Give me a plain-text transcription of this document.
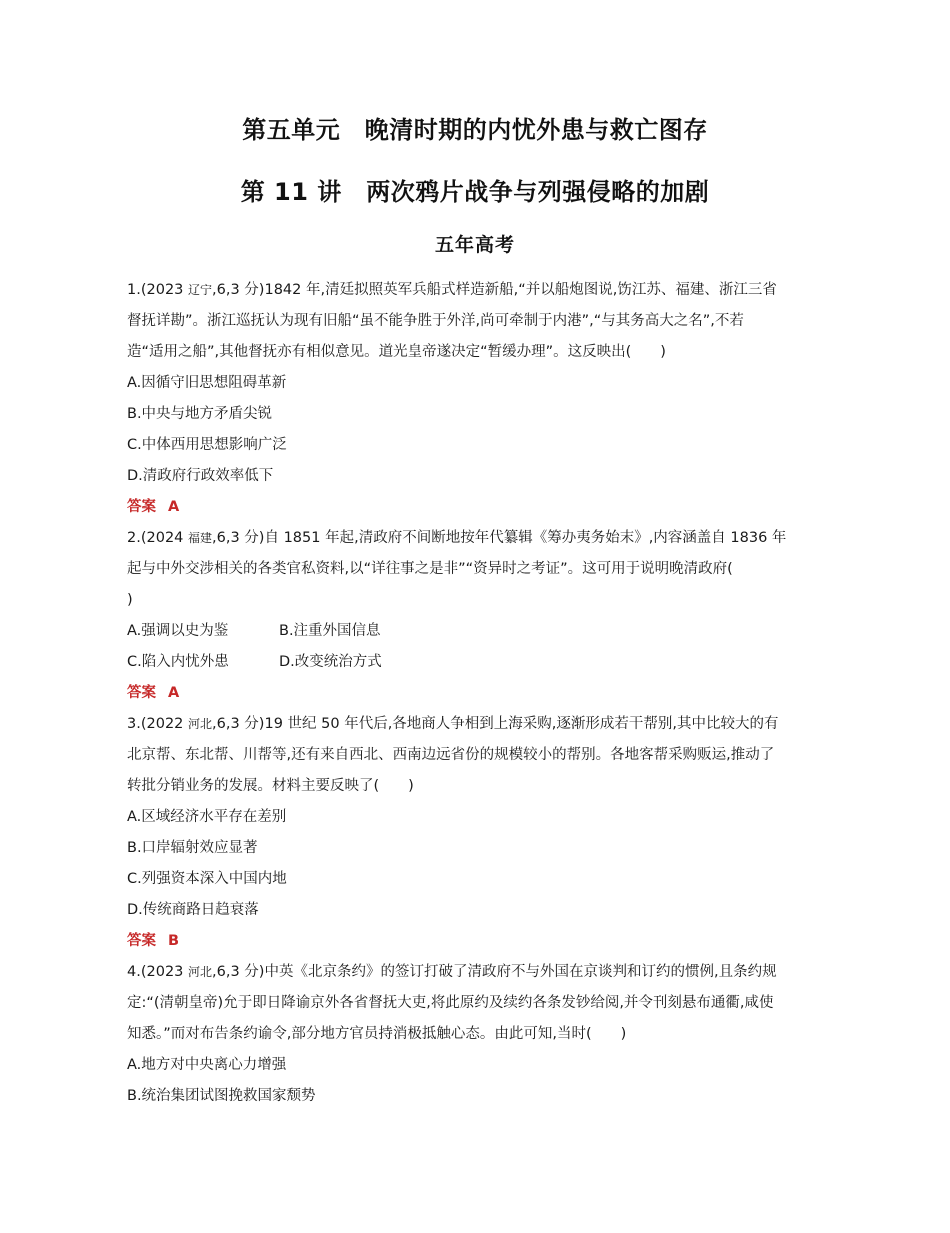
第五单元　晚清时期的内忧外患与救亡图存
第 11 讲　两次鸦片战争与列强侵略的加剧
五年高考
1.(2023 辽宁,6,3 分)1842 年,清廷拟照英军兵船式样造新船,“并以船炮图说,饬江苏、福建、浙江三省
督抚详勘”。浙江巡抚认为现有旧船“虽不能争胜于外洋,尚可牵制于内港”,“与其务高大之名”,不若
造“适用之船”,其他督抚亦有相似意见。道光皇帝遂决定“暂缓办理”。这反映出(　　)
A.因循守旧思想阻碍革新
B.中央与地方矛盾尖锐
C.中体西用思想影响广泛
D.清政府行政效率低下
答案 A
2.(2024 福建,6,3 分)自 1851 年起,清政府不间断地按年代纂辑《筹办夷务始末》,内容涵盖自 1836 年
起与中外交涉相关的各类官私资料,以“详往事之是非”“资异时之考证”。这可用于说明晚清政府(
)
A.强调以史为鉴	B.注重外国信息
C.陷入内忧外患	D.改变统治方式
答案 A
3.(2022 河北,6,3 分)19 世纪 50 年代后,各地商人争相到上海采购,逐渐形成若干帮别,其中比较大的有
北京帮、东北帮、川帮等,还有来自西北、西南边远省份的规模较小的帮别。各地客帮采购贩运,推动了
转批分销业务的发展。材料主要反映了(　　)
A.区域经济水平存在差别
B.口岸辐射效应显著
C.列强资本深入中国内地
D.传统商路日趋衰落
答案 B
4.(2023 河北,6,3 分)中英《北京条约》的签订打破了清政府不与外国在京谈判和订约的惯例,且条约规
定:“(清朝皇帝)允于即日降谕京外各省督抚大吏,将此原约及续约各条发钞给阅,并令刊刻悬布通衢,咸使
知悉。”而对布告条约谕令,部分地方官员持消极抵触心态。由此可知,当时(　　)
A.地方对中央离心力增强
B.统治集团试图挽救国家颓势
